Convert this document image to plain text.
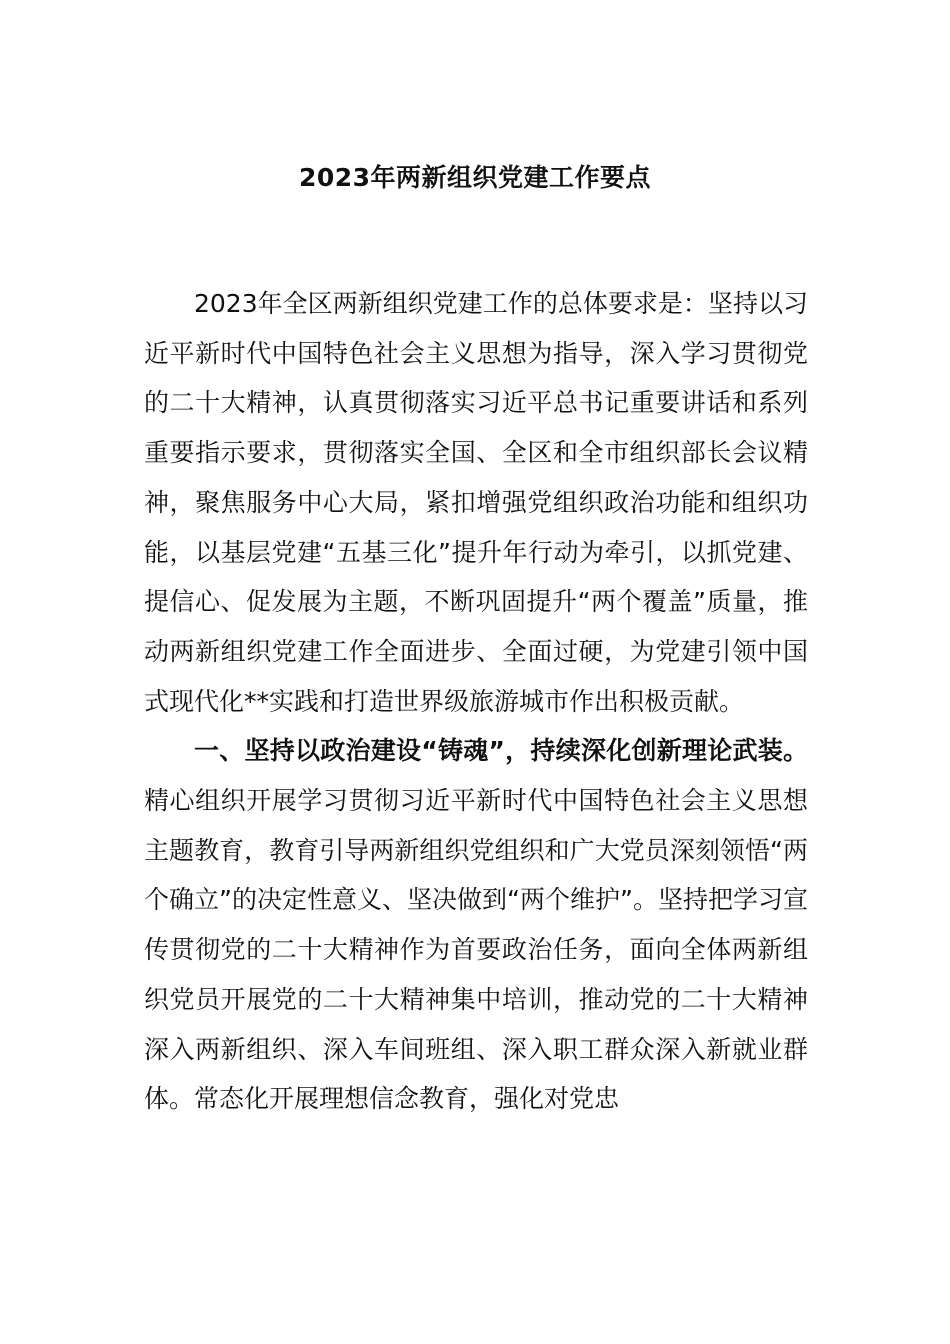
2023年两新组织党建工作要点

2023年全区两新组织党建工作的总体要求是：坚持以习近平新时代中国特色社会主义思想为指导，深入学习贯彻党的二十大精神，认真贯彻落实习近平总书记重要讲话和系列重要指示要求，贯彻落实全国、全区和全市组织部长会议精神，聚焦服务中心大局，紧扣增强党组织政治功能和组织功能，以基层党建“五基三化”提升年行动为牵引，以抓党建、提信心、促发展为主题，不断巩固提升“两个覆盖”质量，推动两新组织党建工作全面进步、全面过硬，为党建引领中国式现代化**实践和打造世界级旅游城市作出积极贡献。

一、坚持以政治建设“铸魂”，持续深化创新理论武装。精心组织开展学习贯彻习近平新时代中国特色社会主义思想主题教育，教育引导两新组织党组织和广大党员深刻领悟“两个确立”的决定性意义、坚决做到“两个维护”。坚持把学习宣传贯彻党的二十大精神作为首要政治任务，面向全体两新组织党员开展党的二十大精神集中培训，推动党的二十大精神深入两新组织、深入车间班组、深入职工群众深入新就业群体。常态化开展理想信念教育，强化对党忠
